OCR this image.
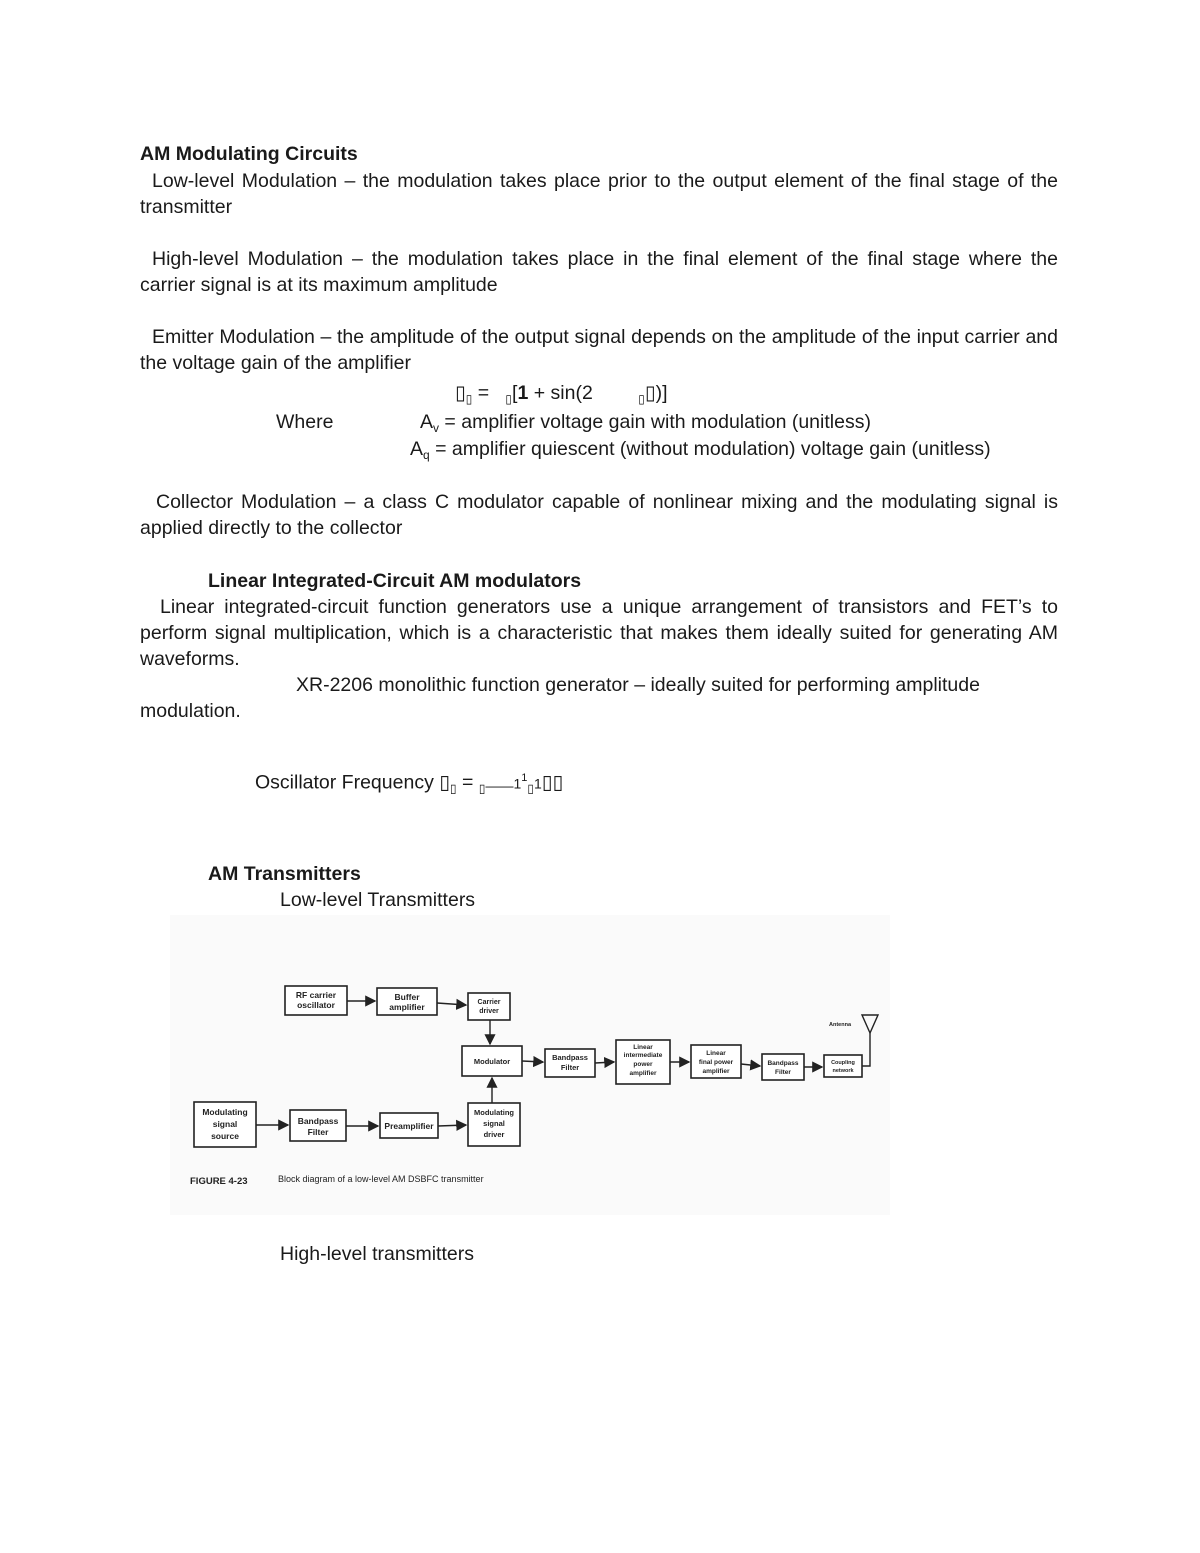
AM Modulating Circuits
Low-level Modulation – the modulation takes place prior to the output element of the final stage of the transmitter
High-level Modulation – the modulation takes place in the final element of the final stage where the carrier signal is at its maximum amplitude
Emitter Modulation – the amplitude of the output signal depends on the amplitude of the input carrier and the voltage gain of the amplifier
$▯_▯ = _▯[1 + \sin(2$	$_▯$▯)]
Where	$A_v$ = amplifier voltage gain with modulation (unitless)
$A_q$ = amplifier quiescent (without modulation) voltage gain (unitless)
Collector Modulation – a class C modulator capable of nonlinear mixing and the modulating signal is applied directly to the collector
Linear Integrated-Circuit AM modulators
Linear integrated-circuit function generators use a unique arrangement of transistors and FET’s to perform signal multiplication, which is a characteristic that makes them ideally suited for generating AM waveforms.
XR-2206 monolithic function generator – ideally suited for performing amplitude
modulation.
Oscillator Frequency $▯_▯$ = $_▯——1^1_▯1▯▯$
AM Transmitters
Low-level Transmitters
RF carrier
oscillator
Buffer
amplifier	Carrier
driver
Modulator	Bandpass
Filter
Linear
intermediate
power
amplifier
Linear
final power
amplifier
Bandpass
Filter
Coupling
network
Antenna
Modulating
signal
source
Bandpass
Filter
Preamplifier
Modulating
signal
driver
FIGURE 4-23	Block diagram of a low-level AM DSBFC transmitter
High-level transmitters
